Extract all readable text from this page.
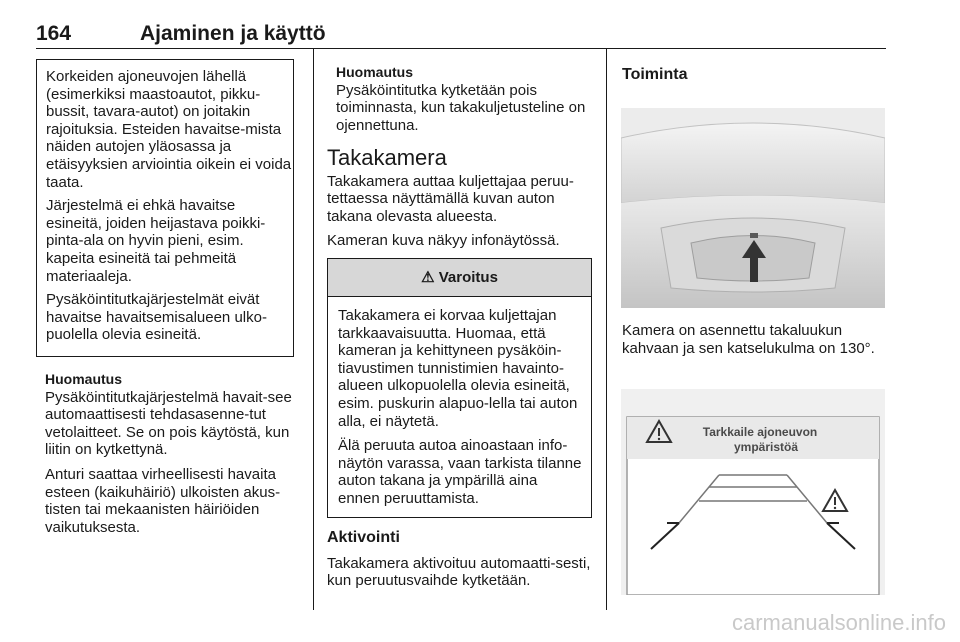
164	Ajaminen ja käyttö

Korkeiden ajoneuvojen lähellä (esimerkiksi maastoautot, pikku-bussit, tavara-autot) on joitakin rajoituksia. Esteiden havaitse-mista näiden autojen yläosassa ja etäisyyksien arviointia oikein ei voida taata.

Järjestelmä ei ehkä havaitse esineitä, joiden heijastava poikki-pinta-ala on hyvin pieni, esim. kapeita esineitä tai pehmeitä materiaaleja.

Pysäköintitutkajärjestelmät eivät havaitse havaitsemisalueen ulko-puolella olevia esineitä.

Huomautus

Pysäköintitutkajärjestelmä havait-see automaattisesti tehdasasenne-tut vetolaitteet. Se on pois käytöstä, kun liitin on kytkettynä.

Anturi saattaa virheellisesti havaita esteen (kaikuhäiriö) ulkoisten akus-tisten tai mekaanisten häiriöiden vaikutuksesta.

Huomautus

Pysäköintitutka kytketään pois toiminnasta, kun takakuljetusteline on ojennettuna.

Takakamera

Takakamera auttaa kuljettajaa peruu-tettaessa näyttämällä kuvan auton takana olevasta alueesta.

Kameran kuva näkyy infonäytössä.

⚠ Varoitus

Takakamera ei korvaa kuljettajan tarkkaavaisuutta. Huomaa, että kameran ja kehittyneen pysäköin-tiavustimen tunnistimien havainto-alueen ulkopuolella olevia esineitä, esim. puskurin alapuo-lella tai auton alla, ei näytetä.

Älä peruuta autoa ainoastaan info-näytön varassa, vaan tarkista tilanne auton takana ja ympärillä aina ennen peruuttamista.

Aktivointi

Takakamera aktivoituu automaatti-sesti, kun peruutusvaihde kytketään.

Toiminta
Kamera on asennettu takaluukun kahvaan ja sen katselukulma on 130°.
Tarkkaile ajoneuvon
ympäristöä
carmanualsonline.info
